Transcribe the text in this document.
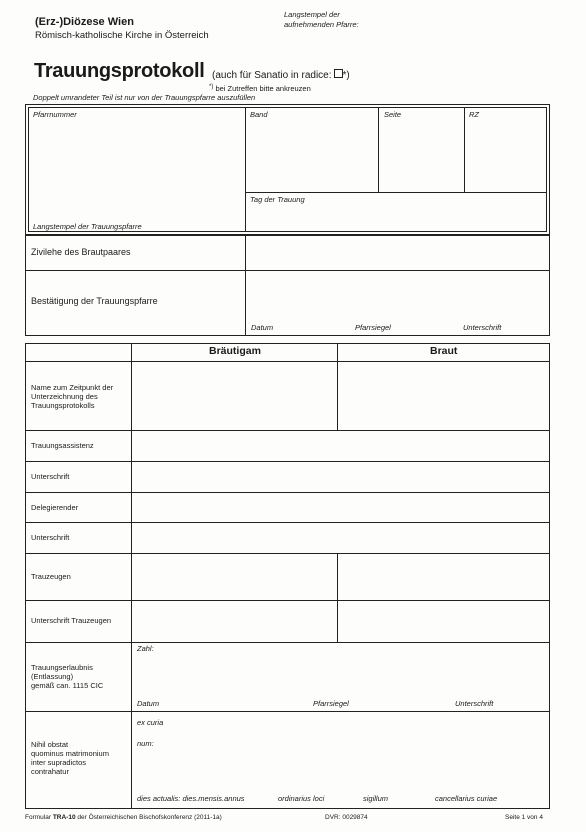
(Erz-)Diözese Wien
Römisch-katholische Kirche in Österreich
Langstempel der
aufnehmenden Pfarre:
Trauungsprotokoll (auch für Sanatio in radice: *)
*) bei Zutreffen bitte ankreuzen
Doppelt umrandeter Teil ist nur von der Trauungspfarre auszufüllen
Pfarrnummer	Band	Seite	RZ
Tag der Trauung
Langstempel der Trauungspfarre
Zivilehe des Brautpaares
Bestätigung der Trauungspfarre
Datum	Pfarrsiegel	Unterschrift
Bräutigam	Braut
Name zum Zeitpunkt der
Unterzeichnung des
Trauungsprotokolls
Trauungsassistenz
Unterschrift
Delegierender
Unterschrift
Trauzeugen
Unterschrift Trauzeugen
Trauungserlaubnis
(Entlassung)
gemäß can. 1115 CIC
Zahl:
Datum	Pfarrsiegel	Unterschrift
Nihil obstat
quominus matrimonium
inter supradictos
contrahatur
ex curia
num:
dies actualis: dies.mensis.annus	ordinarius loci	sigillum	cancellarius curiae
Formular TRA-10 der Österreichischen Bischofskonferenz (2011-1a)	DVR: 0029874	Seite 1 von 4
